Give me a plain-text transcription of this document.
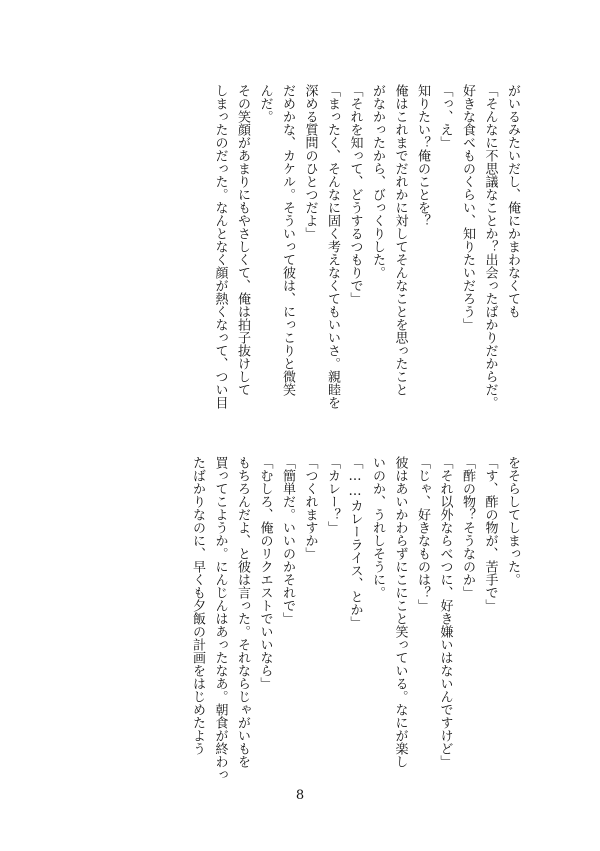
がいるみたいだし、俺にかまわなくても
「そんなに不思議なことか？出会ったばかりだからだ。
好きな食べものくらい、知りたいだろう」
「っ、え」
知りたい？俺のことを？
俺はこれまでだれかに対してそんなことを思ったこと
がなかったから、びっくりした。
「それを知って、どうするつもりで」
「まったく、そんなに固く考えなくてもいいさ。親睦を
深める質問のひとつだよ」
だめかな、カケル。そういって彼は、にっこりと微笑
んだ。
その笑顔があまりにもやさしくて、俺は拍子抜けして
しまったのだった。なんとなく顔が熱くなって、つい目
をそらしてしまった。
「す、酢の物が、苦手で」
「酢の物？そうなのか」
「それ以外ならべつに、好き嫌いはないんですけど」
「じゃ、好きなものは？」
彼はあいかわらずにこにこと笑っている。なにが楽し
いのか、うれしそうに。
「……カレーライス、とか」
「カレー？」
「つくれますか」
「簡単だ。いいのかそれで」
「むしろ、俺のリクエストでいいなら」
もちろんだよ、と彼は言った。それならじゃがいもを
買ってこようか。にんじんはあったなあ。朝食が終わっ
たばかりなのに、早くも夕飯の計画をはじめたよう
8
